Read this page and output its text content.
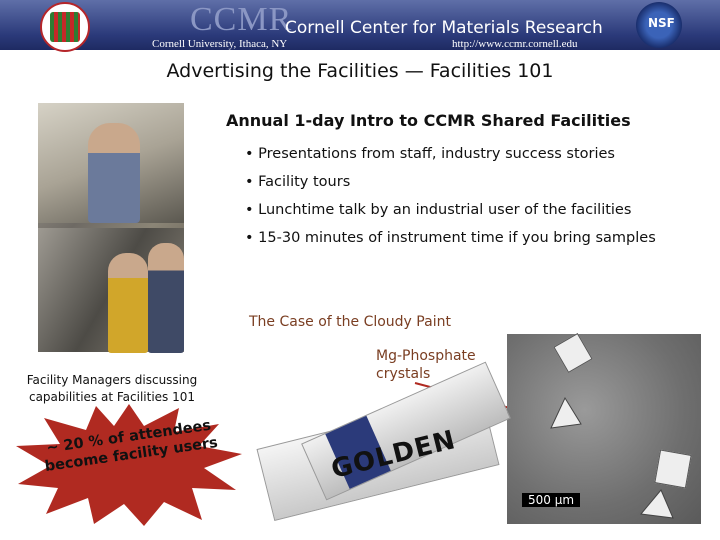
CCMR
Cornell Center for Materials Research
Cornell University, Ithaca, NY	http://www.ccmr.cornell.edu
NSF
Advertising the Facilities — Facilities 101
Facility Managers discussing capabilities at Facilities 101
Annual 1-day Intro to CCMR Shared Facilities
• Presentations from staff, industry success stories
• Facility tours
• Lunchtime talk by an industrial user of the facilities
• 15-30 minutes of instrument time if you bring samples
The Case of the Cloudy Paint
Mg-Phosphate crystals
500 µm
GOLDEN
~ 20 % of attendees become facility users
